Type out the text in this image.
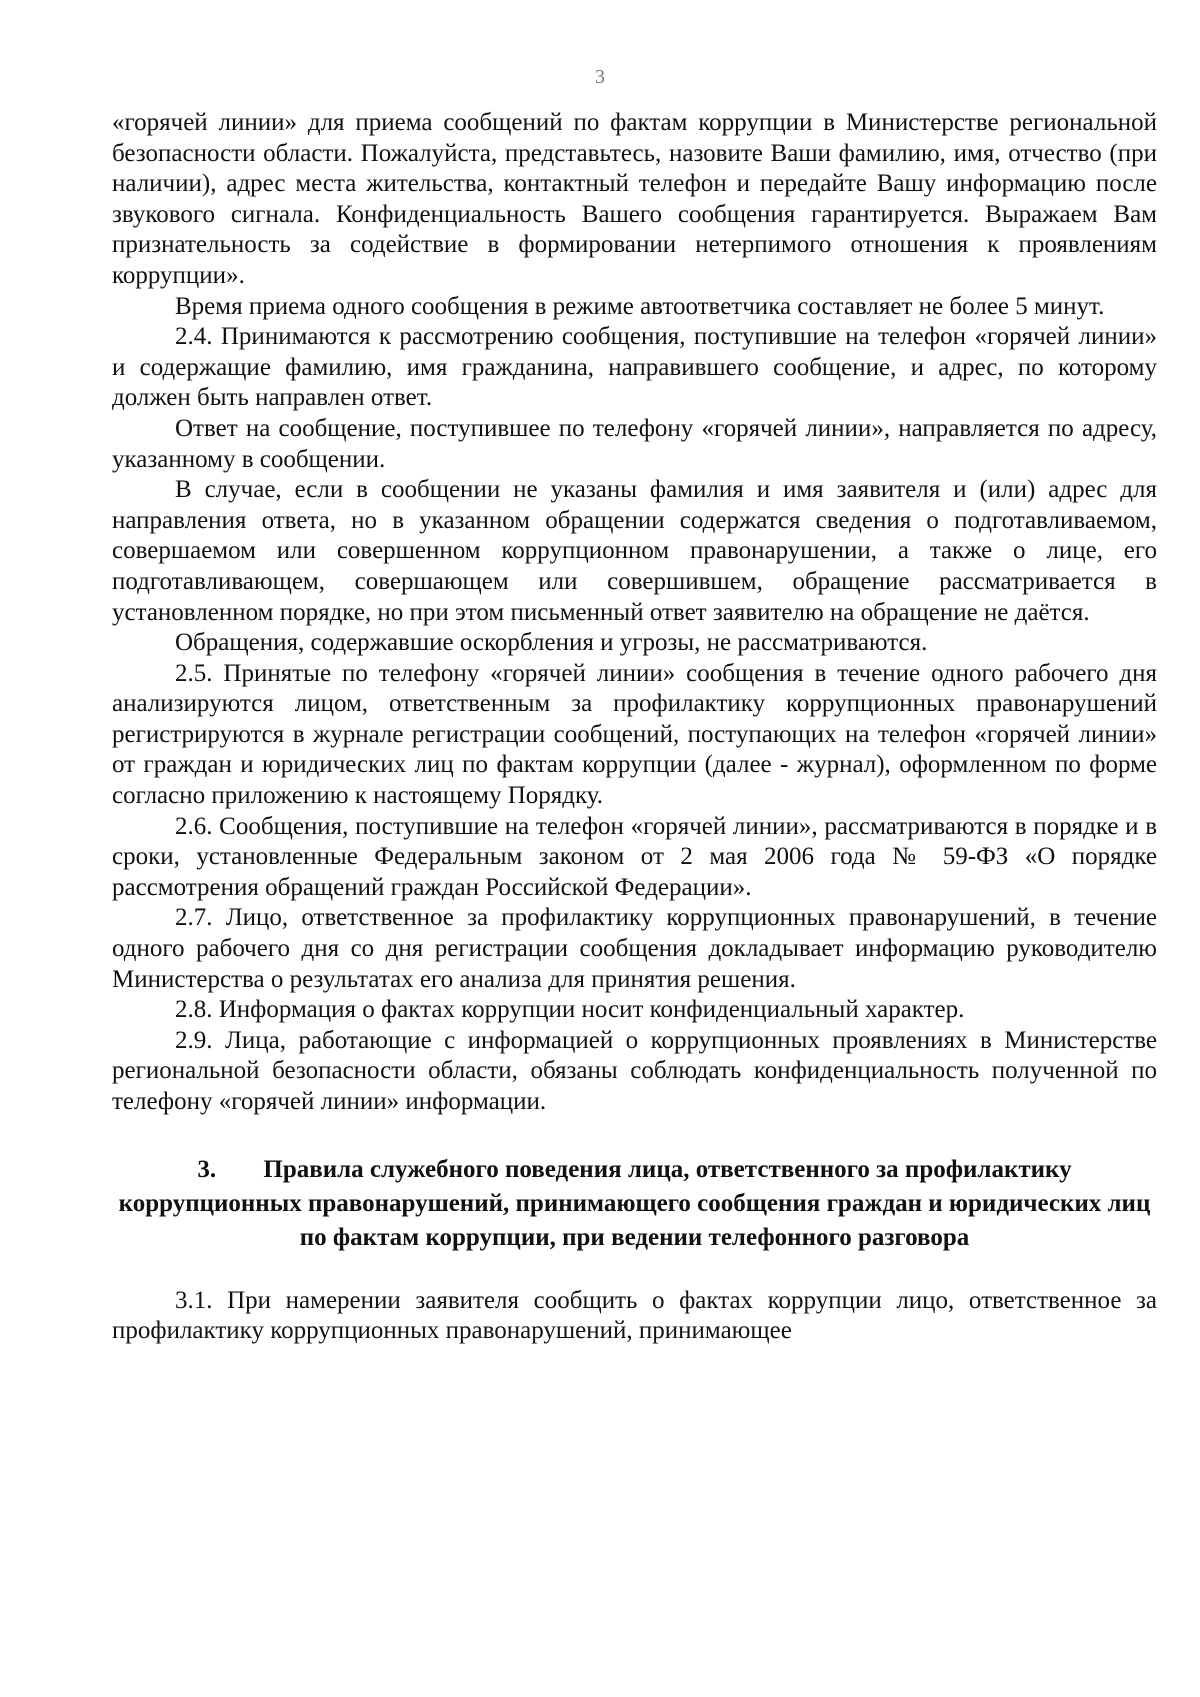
3

«горячей линии» для приема сообщений по фактам коррупции в Министерстве региональной безопасности области. Пожалуйста, представьтесь, назовите Ваши фамилию, имя, отчество (при наличии), адрес места жительства, контактный телефон и передайте Вашу информацию после звукового сигнала. Конфиденциальность Вашего сообщения гарантируется. Выражаем Вам признательность за содействие в формировании нетерпимого отношения к проявлениям коррупции».

Время приема одного сообщения в режиме автоответчика составляет не более 5 минут.

2.4. Принимаются к рассмотрению сообщения, поступившие на телефон «горячей линии» и содержащие фамилию, имя гражданина, направившего сообщение, и адрес, по которому должен быть направлен ответ.

Ответ на сообщение, поступившее по телефону «горячей линии», направляется по адресу, указанному в сообщении.

В случае, если в сообщении не указаны фамилия и имя заявителя и (или) адрес для направления ответа, но в указанном обращении содержатся сведения о подготавливаемом, совершаемом или совершенном коррупционном правонарушении, а также о лице, его подготавливающем, совершающем или совершившем, обращение рассматривается в установленном порядке, но при этом письменный ответ заявителю на обращение не даётся.

Обращения, содержавшие оскорбления и угрозы, не рассматриваются.

2.5. Принятые по телефону «горячей линии» сообщения в течение одного рабочего дня анализируются лицом, ответственным за профилактику коррупционных правонарушений регистрируются в журнале регистрации сообщений, поступающих на телефон «горячей линии» от граждан и юридических лиц по фактам коррупции (далее - журнал), оформленном по форме согласно приложению к настоящему Порядку.

2.6. Сообщения, поступившие на телефон «горячей линии», рассматриваются в порядке и в сроки, установленные Федеральным законом от 2 мая 2006 года № 59-ФЗ «О порядке рассмотрения обращений граждан Российской Федерации».

2.7. Лицо, ответственное за профилактику коррупционных правонарушений, в течение одного рабочего дня со дня регистрации сообщения докладывает информацию руководителю Министерства о результатах его анализа для принятия решения.

2.8. Информация о фактах коррупции носит конфиденциальный характер.

2.9. Лица, работающие с информацией о коррупционных проявлениях в Министерстве региональной безопасности области, обязаны соблюдать конфиденциальность полученной по телефону «горячей линии» информации.

3. Правила служебного поведения лица, ответственного за профилактику коррупционных правонарушений, принимающего сообщения граждан и юридических лиц по фактам коррупции, при ведении телефонного разговора

3.1. При намерении заявителя сообщить о фактах коррупции лицо, ответственное за профилактику коррупционных правонарушений, принимающее
